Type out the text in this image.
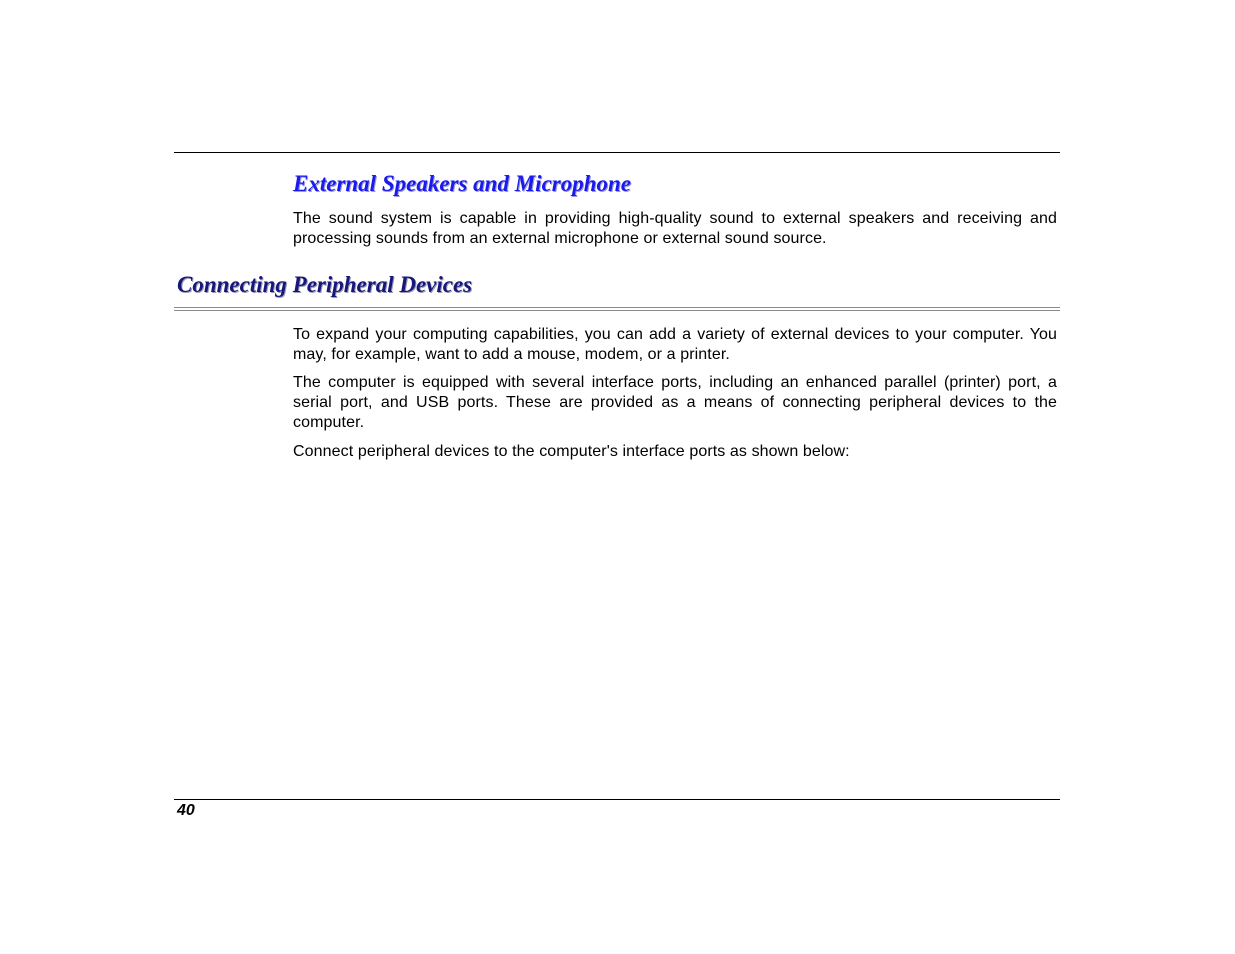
External Speakers and Microphone

The sound system is capable in providing high-quality sound to external speakers and receiving and processing sounds from an external microphone or external sound source.

Connecting Peripheral Devices

To expand your computing capabilities, you can add a variety of external devices to your computer. You may, for example, want to add a mouse, modem, or a printer.

The computer is equipped with several interface ports, including an enhanced parallel (printer) port, a serial port, and USB ports. These are provided as a means of connecting peripheral devices to the computer.

Connect peripheral devices to the computer's interface ports as shown below:

40
